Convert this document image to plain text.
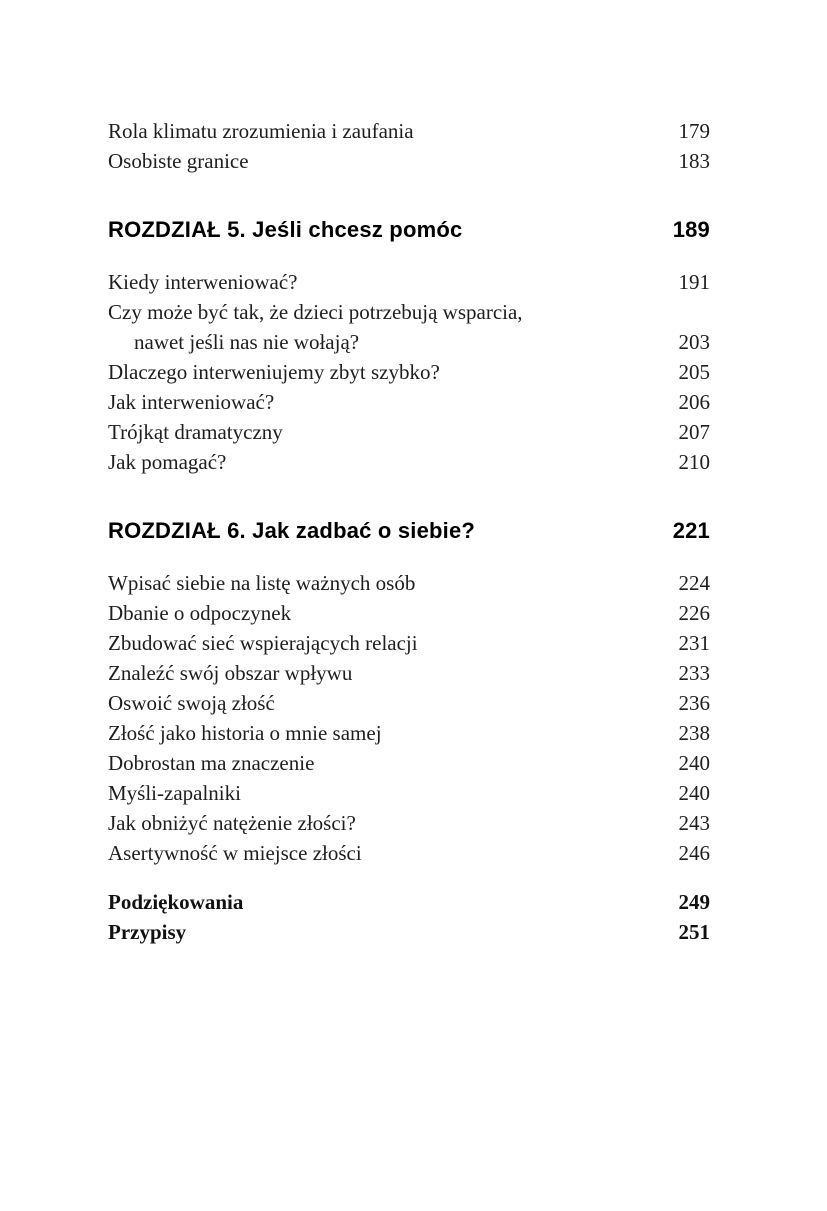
Rola klimatu zrozumienia i zaufania	179
Osobiste granice	183
ROZDZIAŁ 5. Jeśli chcesz pomóc	189
Kiedy interweniować?	191
Czy może być tak, że dzieci potrzebują wsparcia,
nawet jeśli nas nie wołają?	203
Dlaczego interweniujemy zbyt szybko?	205
Jak interweniować?	206
Trójkąt dramatyczny	207
Jak pomagać?	210
ROZDZIAŁ 6. Jak zadbać o siebie?	221
Wpisać siebie na listę ważnych osób	224
Dbanie o odpoczynek	226
Zbudować sieć wspierających relacji	231
Znaleźć swój obszar wpływu	233
Oswoić swoją złość	236
Złość jako historia o mnie samej	238
Dobrostan ma znaczenie	240
Myśli-zapalniki	240
Jak obniżyć natężenie złości?	243
Asertywność w miejsce złości	246
Podziękowania	249
Przypisy	251
